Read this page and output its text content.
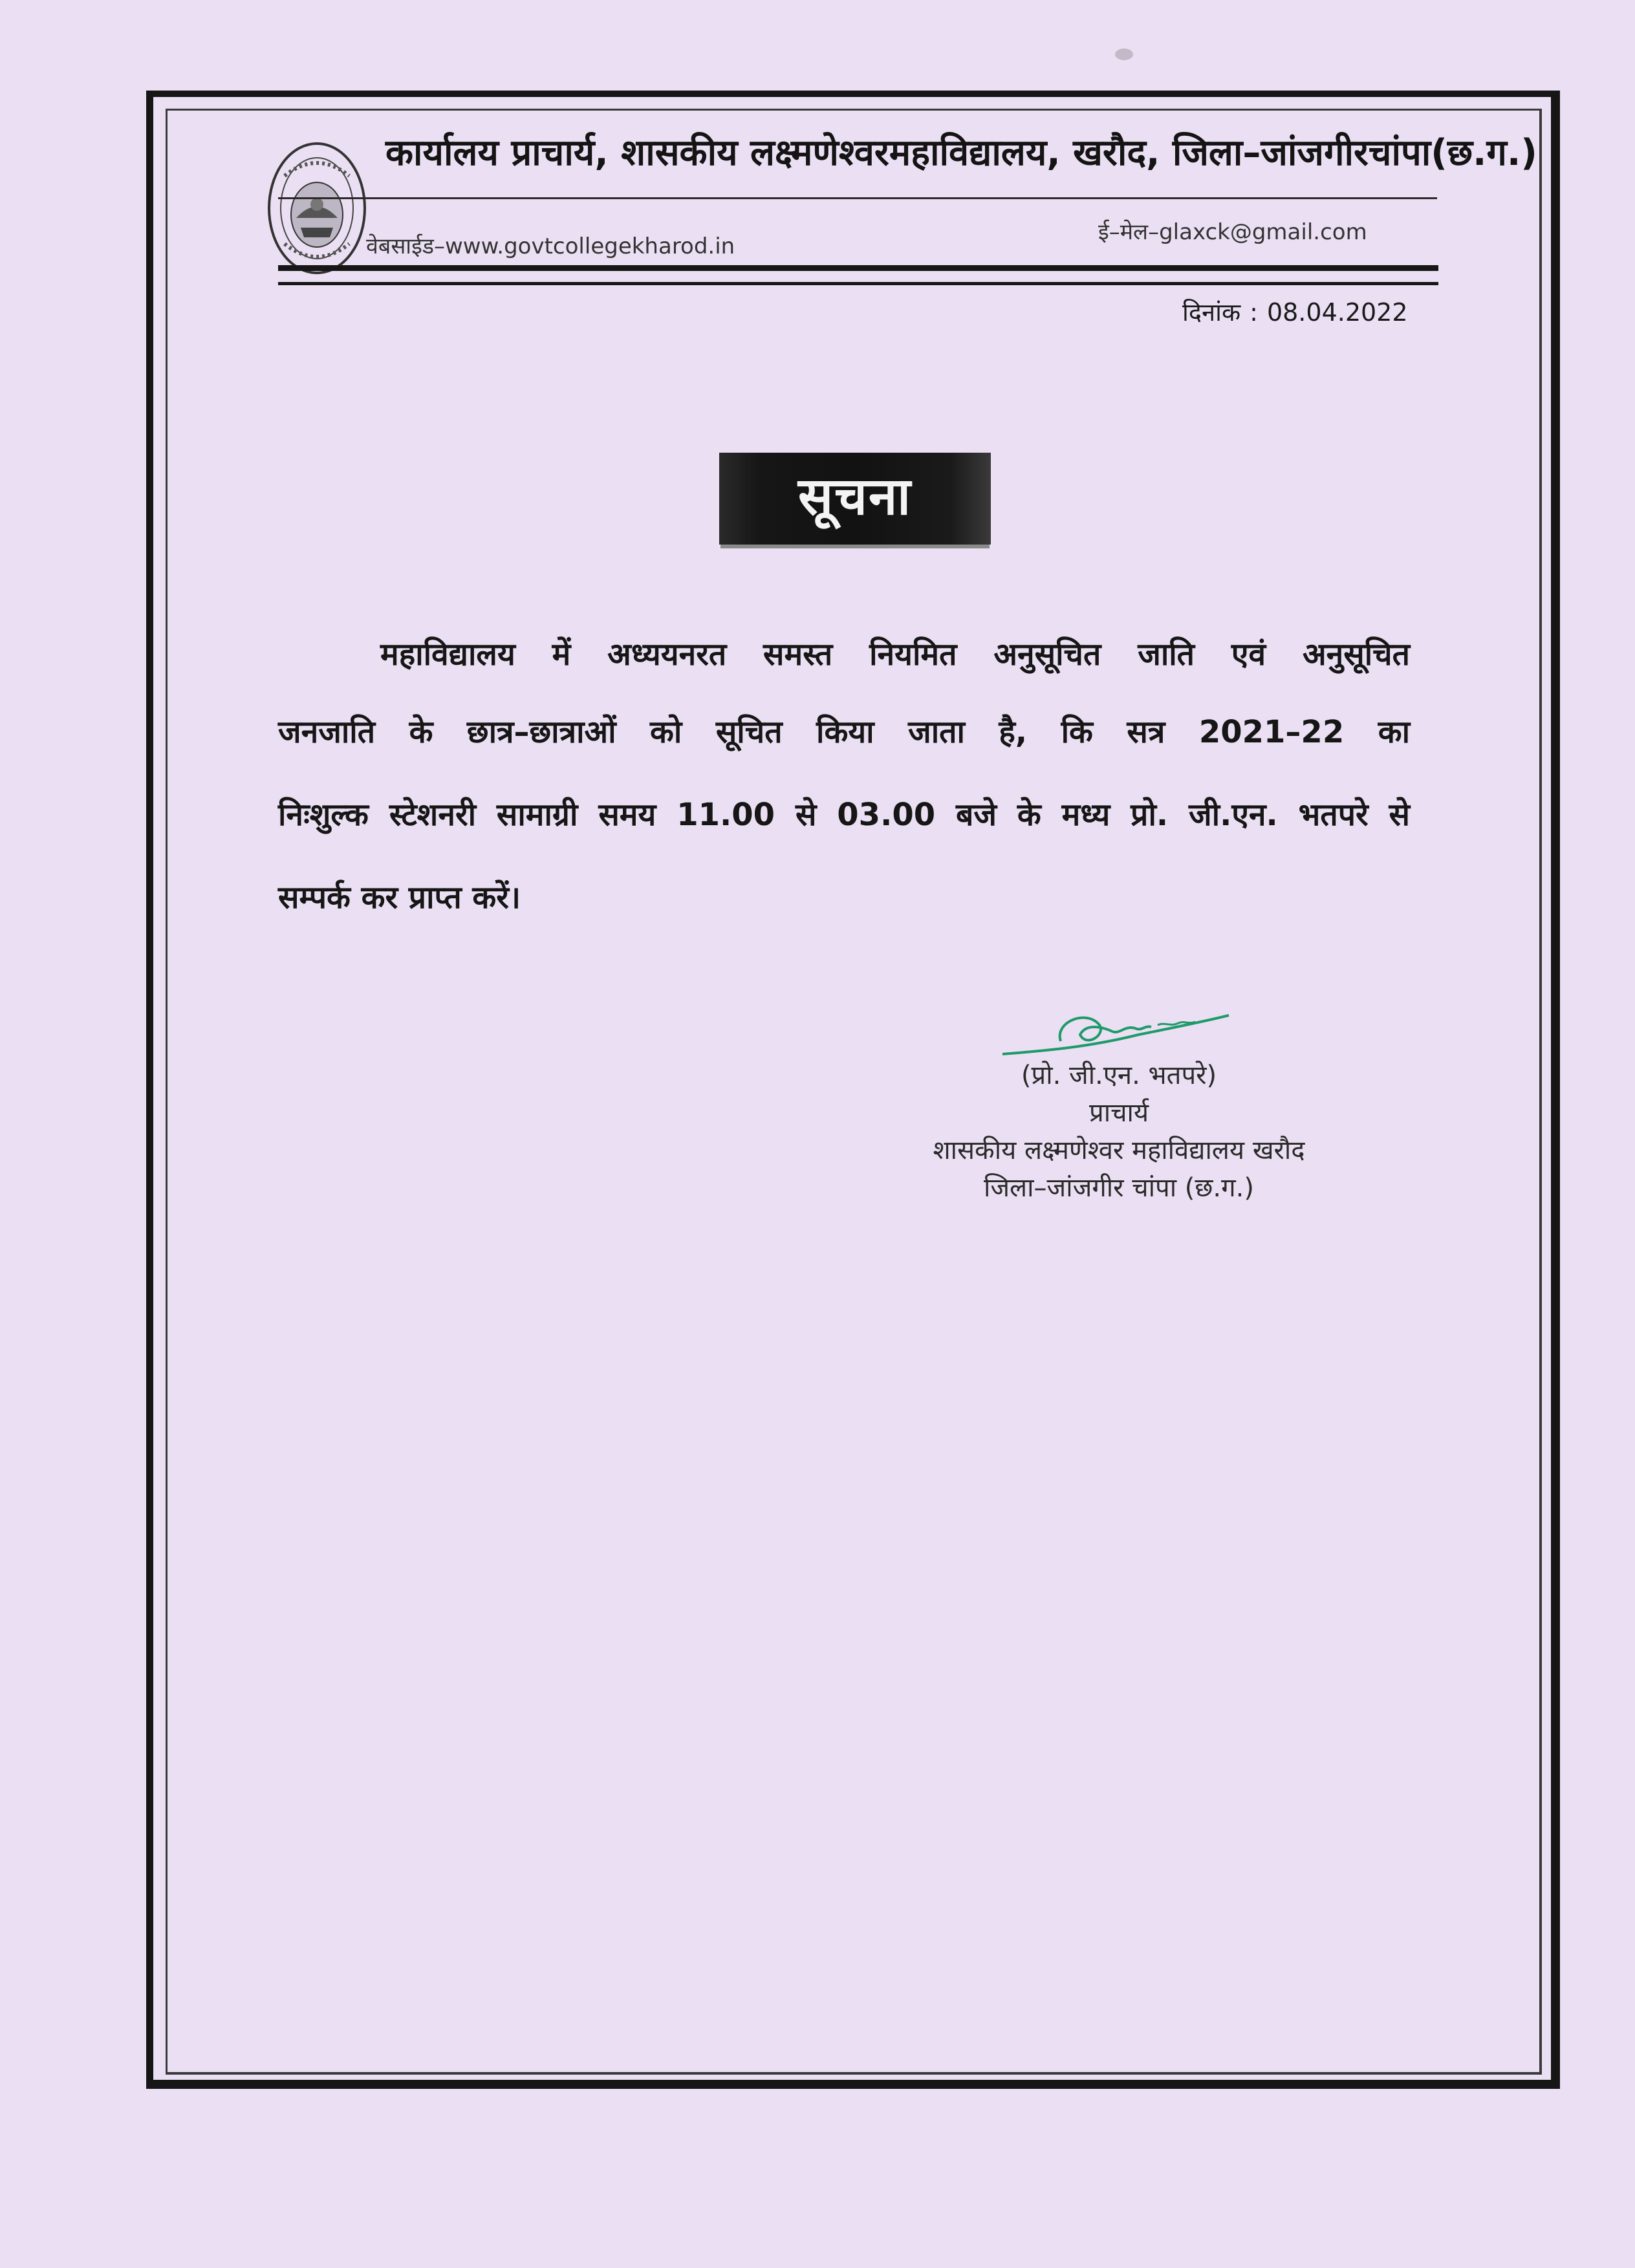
कार्यालय प्राचार्य, शासकीय लक्ष्मणेश्वरमहाविद्यालय, खरौद, जिला–जांजगीरचांपा(छ.ग.)
वेबसाईड–www.govtcollegekharod.in
ई–मेल–glaxck@gmail.com
दिनांक : 08.04.2022
सूचना
महाविद्यालय में अध्ययनरत समस्त नियमित अनुसूचित जाति एवं अनुसूचित
जनजाति के छात्र–छात्राओं को सूचित किया जाता है, कि सत्र 2021–22 का
निःशुल्क स्टेशनरी सामाग्री समय 11.00 से 03.00 बजे के मध्य प्रो. जी.एन. भतपरे से
सम्पर्क कर प्राप्त करें।
(प्रो. जी.एन. भतपरे)
प्राचार्य
शासकीय लक्ष्मणेश्वर महाविद्यालय खरौद
जिला–जांजगीर चांपा (छ.ग.)
